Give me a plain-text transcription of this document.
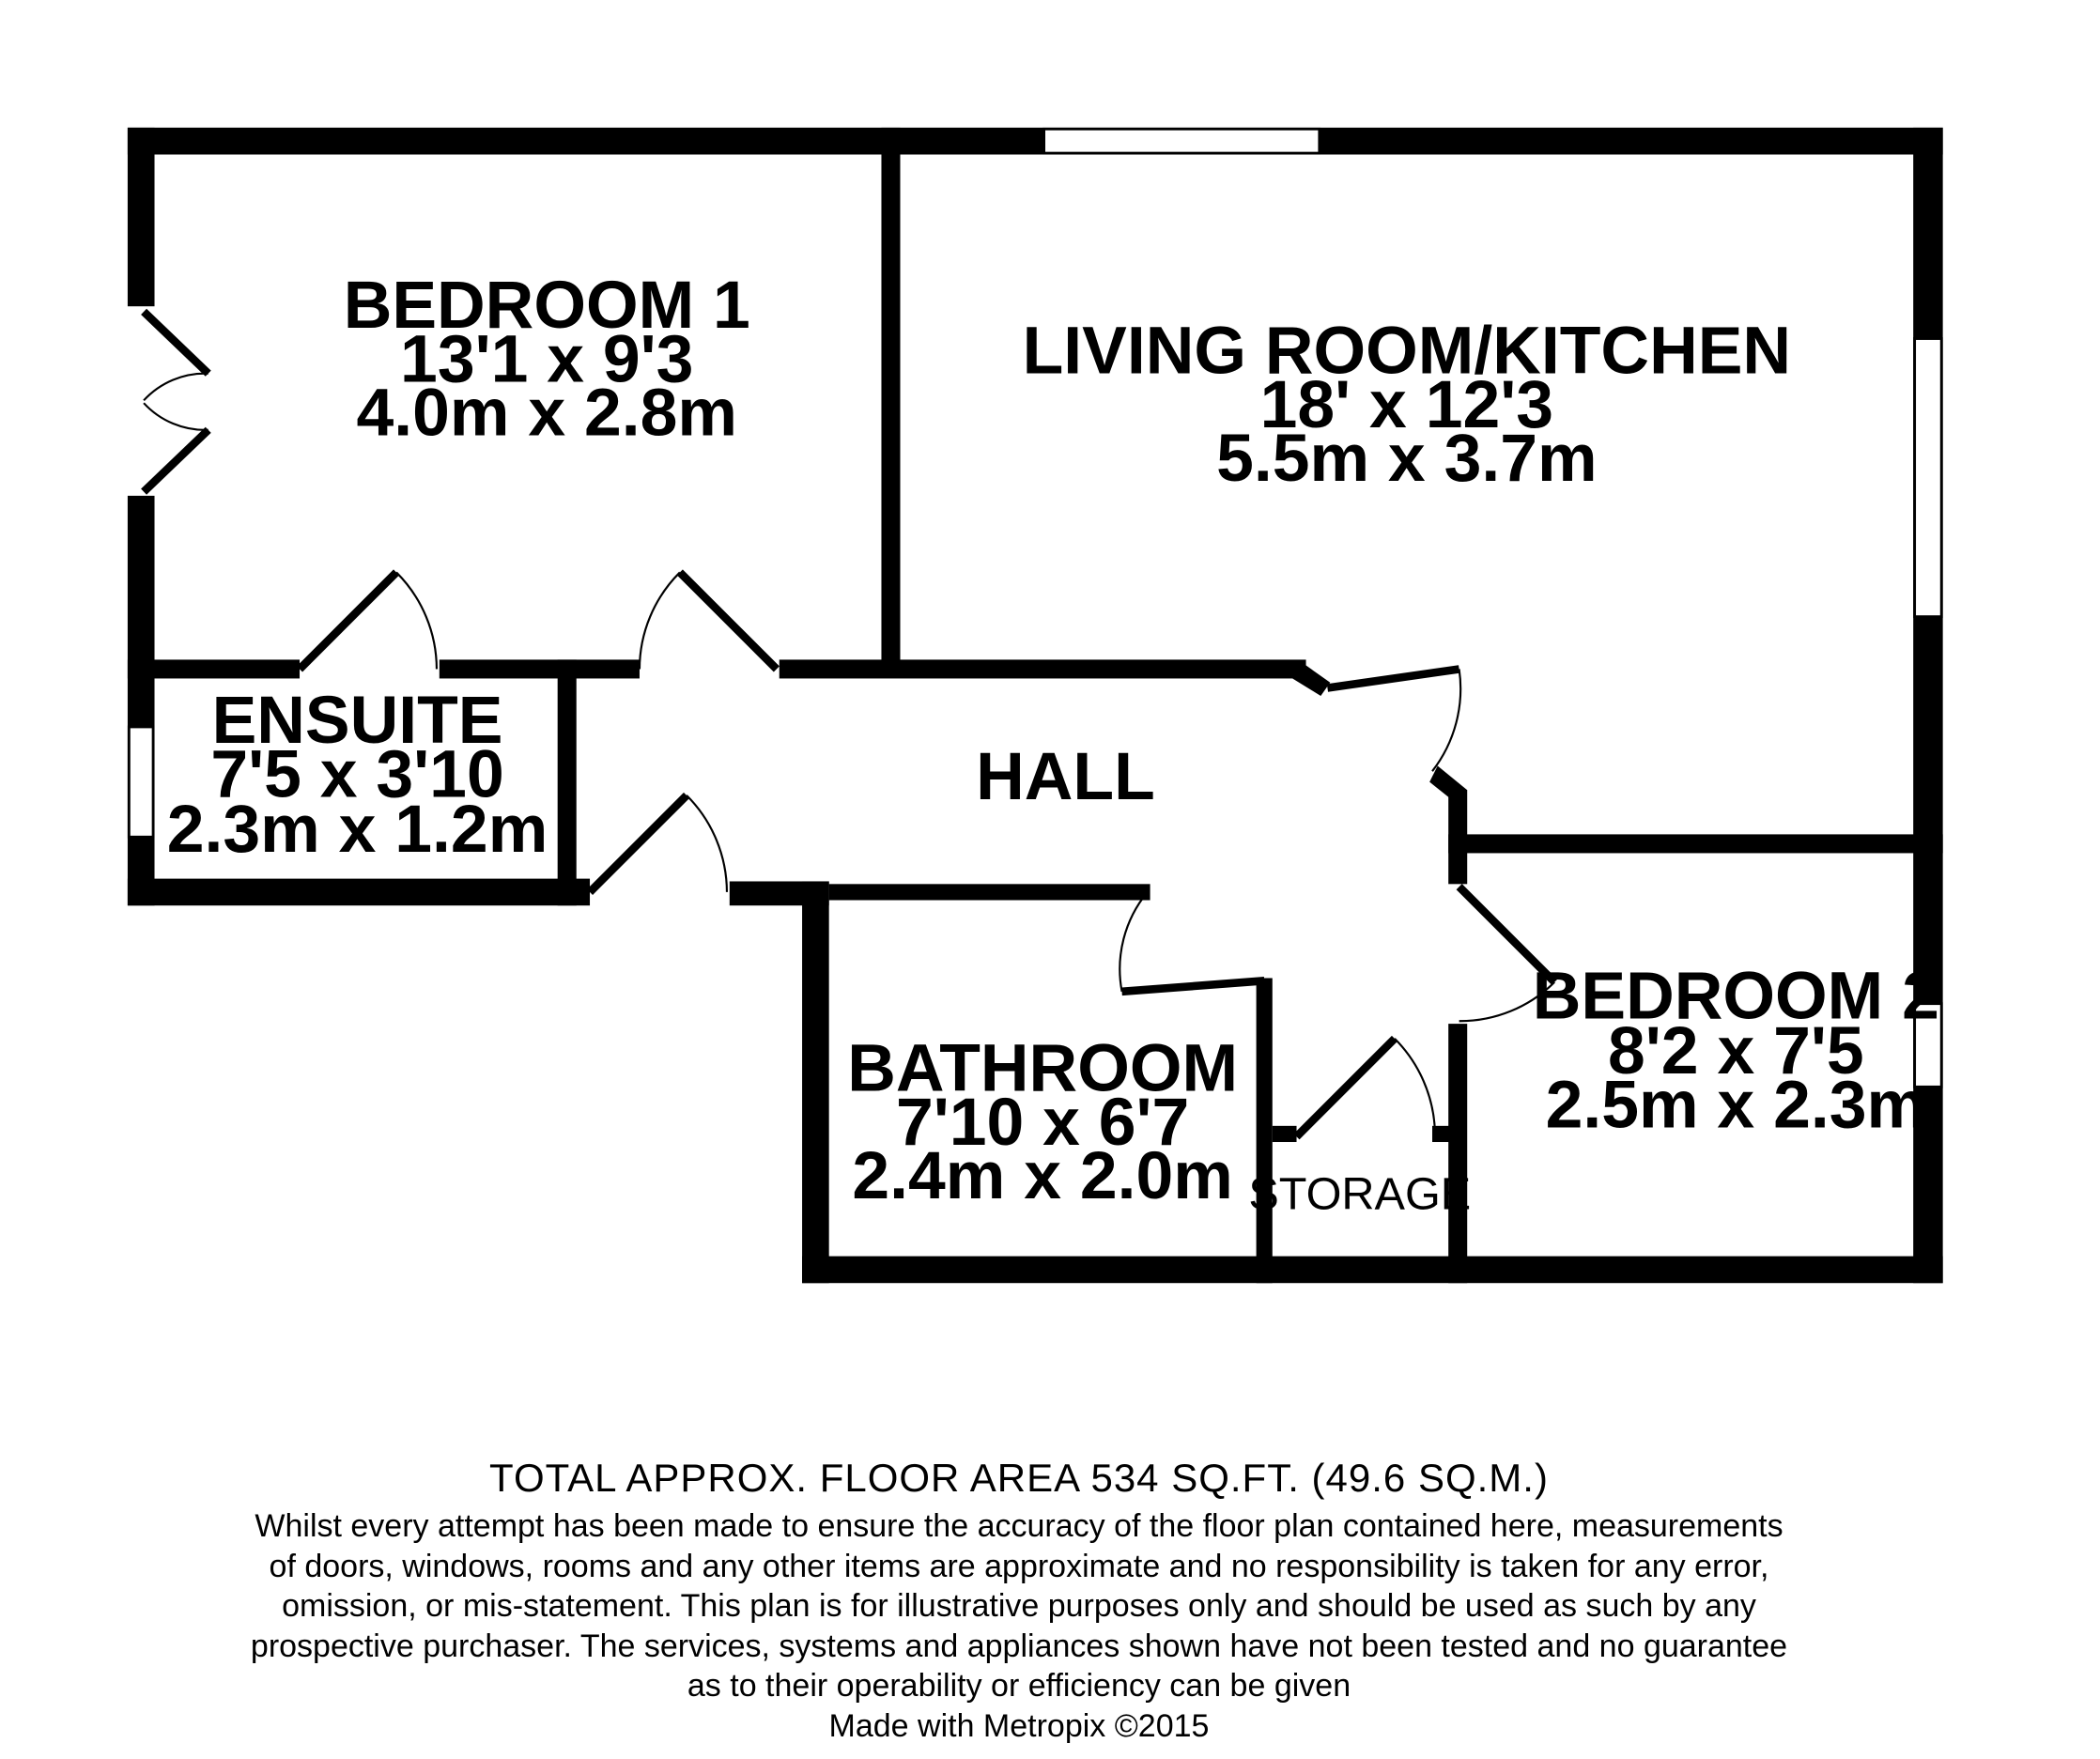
BEDROOM 1
13'1 x 9'3
4.0m x 2.8m
LIVING ROOM/KITCHEN
18' x 12'3
5.5m x 3.7m
ENSUITE
7'5 x 3'10
2.3m x 1.2m
HALL
BATHROOM
7'10 x 6'7
2.4m x 2.0m
BEDROOM 2
8'2 x 7'5
2.5m x 2.3m
STORAGE
TOTAL APPROX. FLOOR AREA 534 SQ.FT. (49.6 SQ.M.)
Whilst every attempt has been made to ensure the accuracy of the floor plan contained here, measurements
of doors, windows, rooms and any other items are approximate and no responsibility is taken for any error,
omission, or mis-statement. This plan is for illustrative purposes only and should be used as such by any
prospective purchaser. The services, systems and appliances shown have not been tested and no guarantee
as to their operability or efficiency can be given
Made with Metropix ©2015
